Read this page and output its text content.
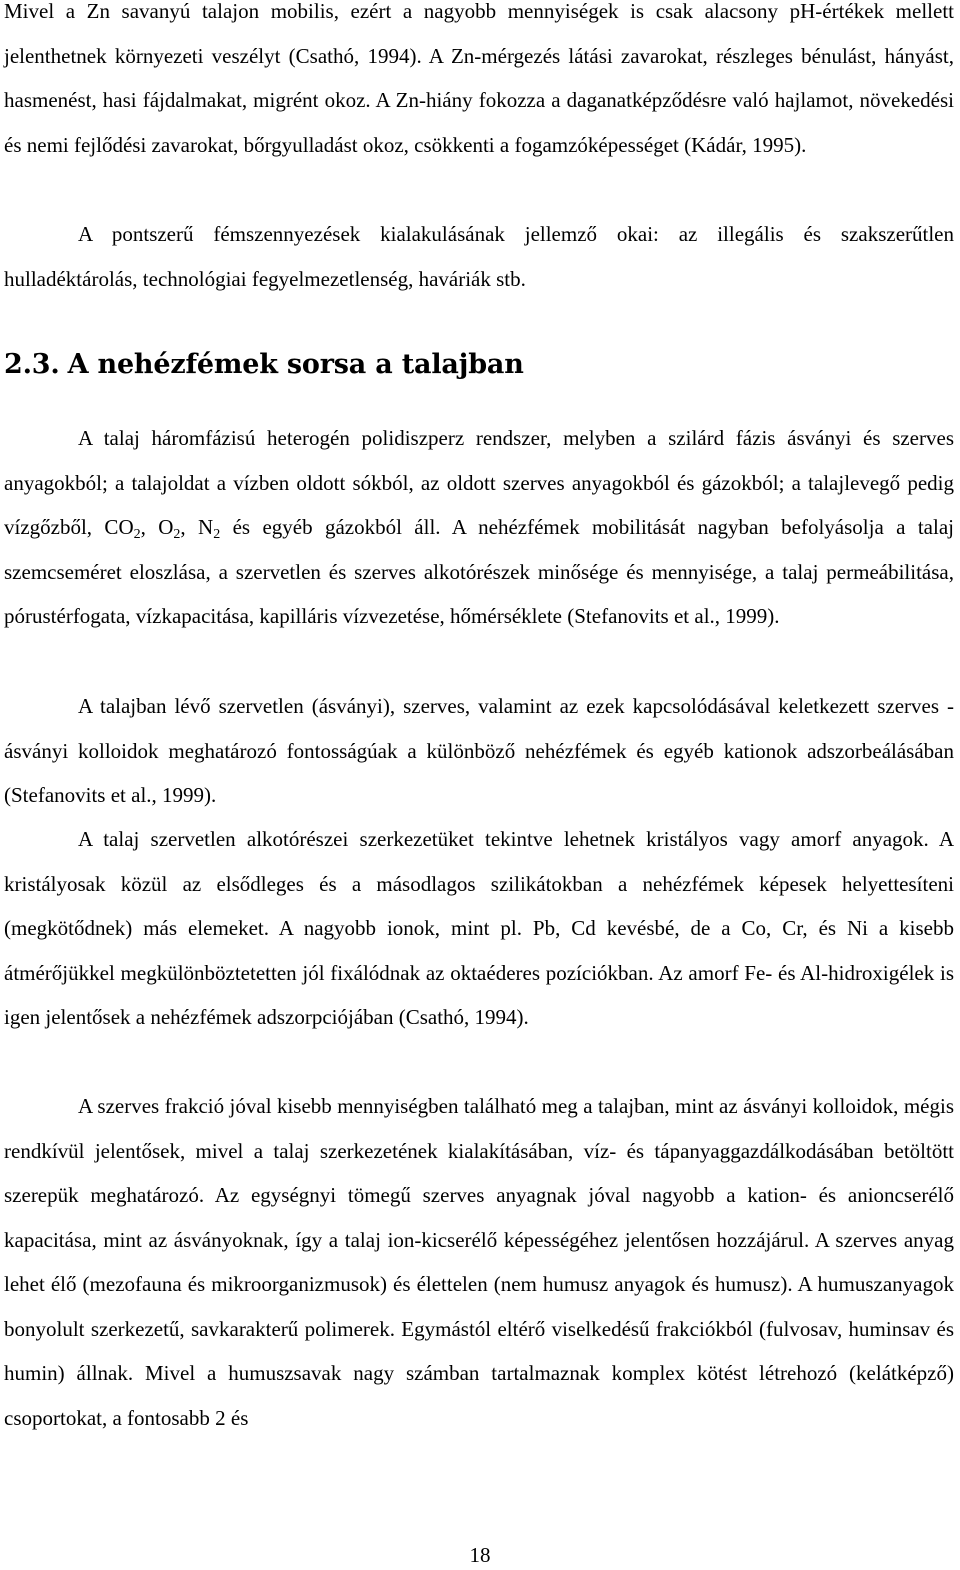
Mivel a Zn savanyú talajon mobilis, ezért a nagyobb mennyiségek is csak alacsony pH-értékek mellett jelenthetnek környezeti veszélyt (Csathó, 1994). A Zn-mérgezés látási zavarokat, részleges bénulást, hányást, hasmenést, hasi fájdalmakat, migrént okoz. A Zn-hiány fokozza a daganatképződésre való hajlamot, növekedési és nemi fejlődési zavarokat, bőrgyulladást okoz, csökkenti a fogamzóképességet (Kádár, 1995).

A pontszerű fémszennyezések kialakulásának jellemző okai: az illegális és szakszerűtlen hulladéktárolás, technológiai fegyelmezetlenség, haváriák stb.

2.3. A nehézfémek sorsa a talajban

A talaj háromfázisú heterogén polidiszperz rendszer, melyben a szilárd fázis ásványi és szerves anyagokból; a talajoldat a vízben oldott sókból, az oldott szerves anyagokból és gázokból; a talajlevegő pedig vízgőzből, $CO_2$, $O_2$, $N_2$ és egyéb gázokból áll. A nehézfémek mobilitását nagyban befolyásolja a talaj szemcseméret eloszlása, a szervetlen és szerves alkotórészek minősége és mennyisége, a talaj permeábilitása, pórustérfogata, vízkapacitása, kapilláris vízvezetése, hőmérséklete (Stefanovits et al., 1999).

A talajban lévő szervetlen (ásványi), szerves, valamint az ezek kapcsolódásával keletkezett szerves - ásványi kolloidok meghatározó fontosságúak a különböző nehézfémek és egyéb kationok adszorbeálásában (Stefanovits et al., 1999).

A talaj szervetlen alkotórészei szerkezetüket tekintve lehetnek kristályos vagy amorf anyagok. A kristályosak közül az elsődleges és a másodlagos szilikátokban a nehézfémek képesek helyettesíteni (megkötődnek) más elemeket. A nagyobb ionok, mint pl. Pb, Cd kevésbé, de a Co, Cr, és Ni a kisebb átmérőjükkel megkülönböztetetten jól fixálódnak az oktaéderes pozíciókban. Az amorf Fe- és Al-hidroxigélek is igen jelentősek a nehézfémek adszorpciójában (Csathó, 1994).

A szerves frakció jóval kisebb mennyiségben található meg a talajban, mint az ásványi kolloidok, mégis rendkívül jelentősek, mivel a talaj szerkezetének kialakításában, víz- és tápanyaggazdálkodásában betöltött szerepük meghatározó. Az egységnyi tömegű szerves anyagnak jóval nagyobb a kation- és anioncserélő kapacitása, mint az ásványoknak, így a talaj ion-kicserélő képességéhez jelentősen hozzájárul. A szerves anyag lehet élő (mezofauna és mikroorganizmusok) és élettelen (nem humusz anyagok és humusz). A humuszanyagok bonyolult szerkezetű, savkarakterű polimerek. Egymástól eltérő viselkedésű frakciókból (fulvosav, huminsav és humin) állnak. Mivel a humuszsavak nagy számban tartalmaznak komplex kötést létrehozó (kelátképző) csoportokat, a fontosabb 2 és

18
